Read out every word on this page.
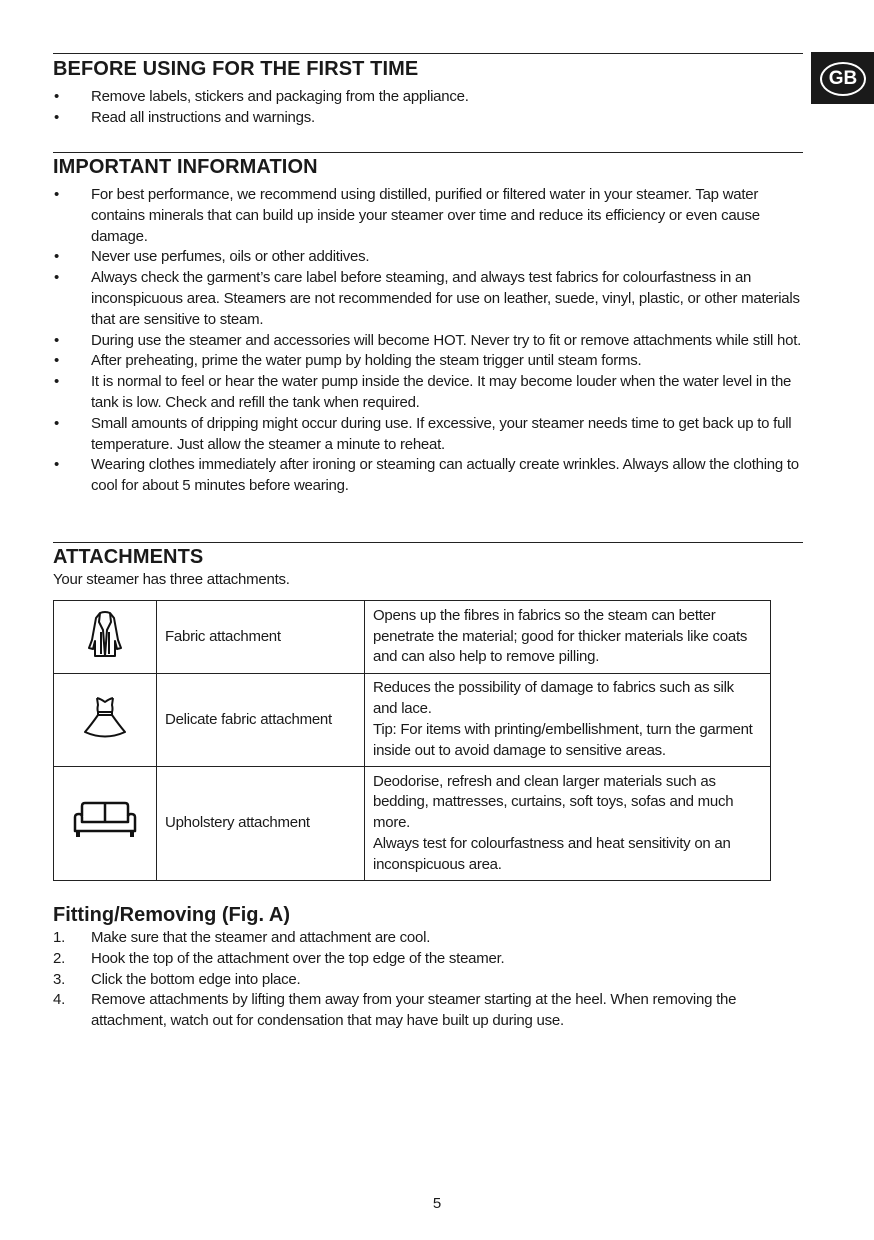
GB
BEFORE USING FOR THE FIRST TIME
• Remove labels, stickers and packaging from the appliance.
• Read all instructions and warnings.
IMPORTANT INFORMATION
• For best performance, we recommend using distilled, purified or filtered water in your steamer. Tap water contains minerals that can build up inside your steamer over time and reduce its efficiency or even cause damage.
• Never use perfumes, oils or other additives.
• Always check the garment’s care label before steaming, and always test fabrics for colourfastness in an inconspicuous area. Steamers are not recommended for use on leather, suede, vinyl, plastic, or other materials that are sensitive to steam.
• During use the steamer and accessories will become HOT. Never try to fit or remove attachments while still hot.
• After preheating, prime the water pump by holding the steam trigger until steam forms.
• It is normal to feel or hear the water pump inside the device. It may become louder when the water level in the tank is low. Check and refill the tank when required.
• Small amounts of dripping might occur during use. If excessive, your steamer needs time to get back up to full temperature. Just allow the steamer a minute to reheat.
• Wearing clothes immediately after ironing or steaming can actually create wrinkles. Always allow the clothing to cool for about 5 minutes before wearing.
ATTACHMENTS

Your steamer has three attachments.

	Fabric attachment	Opens up the fibres in fabrics so the steam can better penetrate the material; good for thicker materials like coats and can also help to remove pilling.

	Delicate fabric attachment	Reduces the possibility of damage to fabrics such as silk and lace.
Tip: For items with printing/embellishment, turn the garment inside out to avoid damage to sensitive areas.

	Upholstery attachment	Deodorise, refresh and clean larger materials such as bedding, mattresses, curtains, soft toys, sofas and much more.
Always test for colourfastness and heat sensitivity on an inconspicuous area.
Fitting/Removing (Fig. A)
1. Make sure that the steamer and attachment are cool.
2. Hook the top of the attachment over the top edge of the steamer.
3. Click the bottom edge into place.
4. Remove attachments by lifting them away from your steamer starting at the heel. When removing the attachment, watch out for condensation that may have built up during use.
5
